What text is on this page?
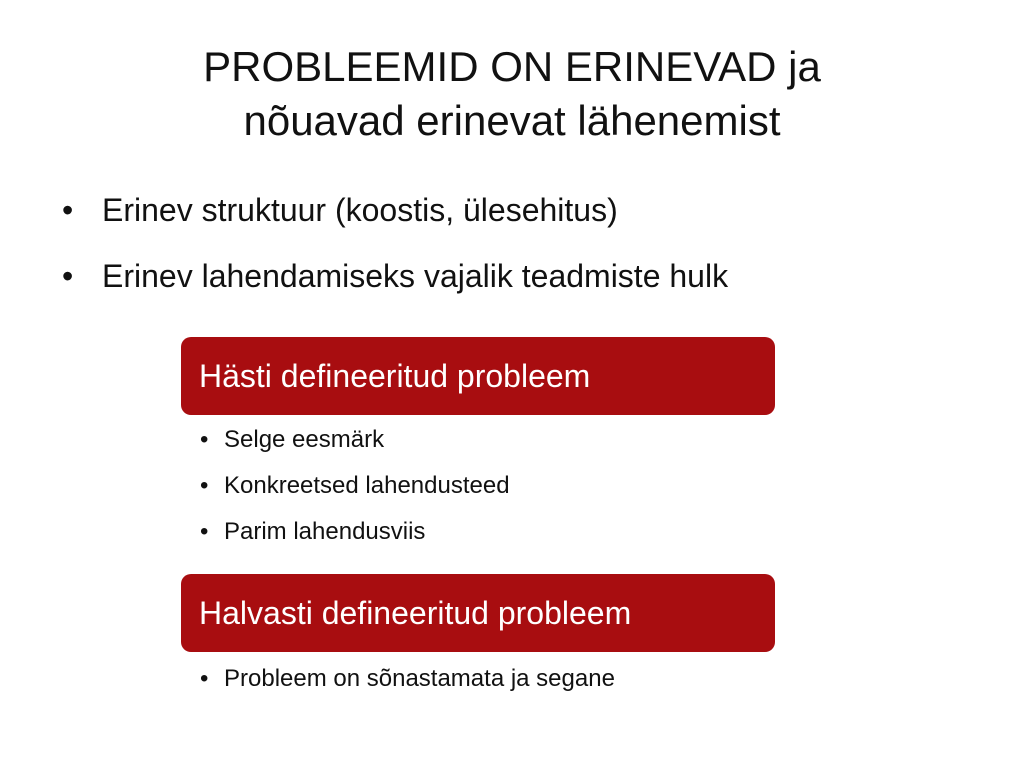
PROBLEEMID ON ERINEVAD ja
nõuavad erinevat lähenemist
• Erinev struktuur (koostis, ülesehitus)
• Erinev lahendamiseks vajalik teadmiste hulk
Hästi defineeritud probleem
• Selge eesmärk
• Konkreetsed lahendusteed
• Parim lahendusviis
Halvasti defineeritud probleem
• Probleem on sõnastamata ja segane
